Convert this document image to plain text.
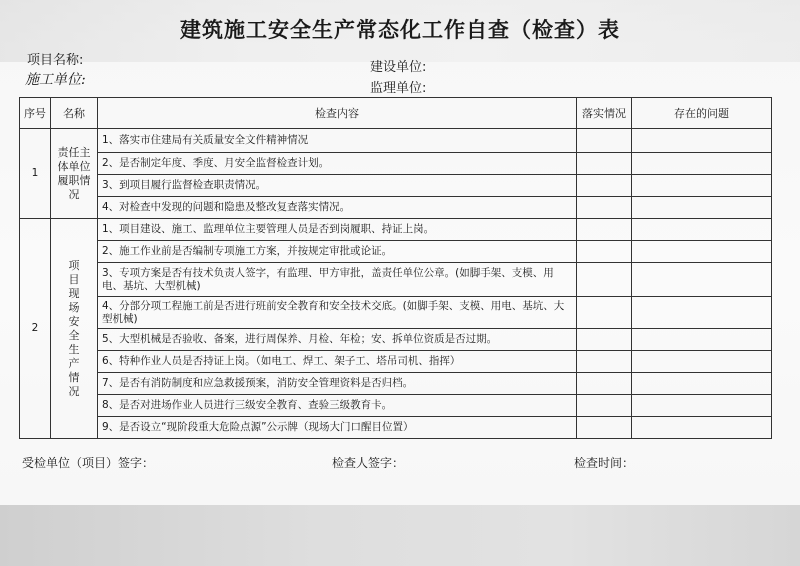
建筑施工安全生产常态化工作自查（检查）表
项目名称:	建设单位:
施工单位:
监理单位:
序号	名称	检查内容	落实情况	存在的问题
1	责任主
体单位
履职情
况	1、落实市住建局有关质量安全文件精神情况		
		2、是否制定年度、季度、月安全监督检查计划。		
		3、到项目履行监督检查职责情况。		
		4、对检查中发现的问题和隐患及整改复查落实情况。		
2	项目现场安全生产情况	1、项目建设、施工、监理单位主要管理人员是否到岗履职、持证上岗。		
		2、施工作业前是否编制专项施工方案，并按规定审批或论证。		
		3、专项方案是否有技术负责人签字，有监理、甲方审批，盖责任单位公章。(如脚手架、支模、用电、基坑、大型机械)		
		4、分部分项工程施工前是否进行班前安全教育和安全技术交底。(如脚手架、支模、用电、基坑、大型机械)		
		5、大型机械是否验收、备案，进行周保养、月检、年检；安、拆单位资质是否过期。		
		6、特种作业人员是否持证上岗。（如电工、焊工、架子工、塔吊司机、指挥）		
		7、是否有消防制度和应急救援预案，消防安全管理资料是否归档。		
		8、是否对进场作业人员进行三级安全教育、查验三级教育卡。		
		9、是否设立“现阶段重大危险点源”公示牌（现场大门口醒目位置）		
受检单位（项目）签字：	检查人签字：	检查时间：
